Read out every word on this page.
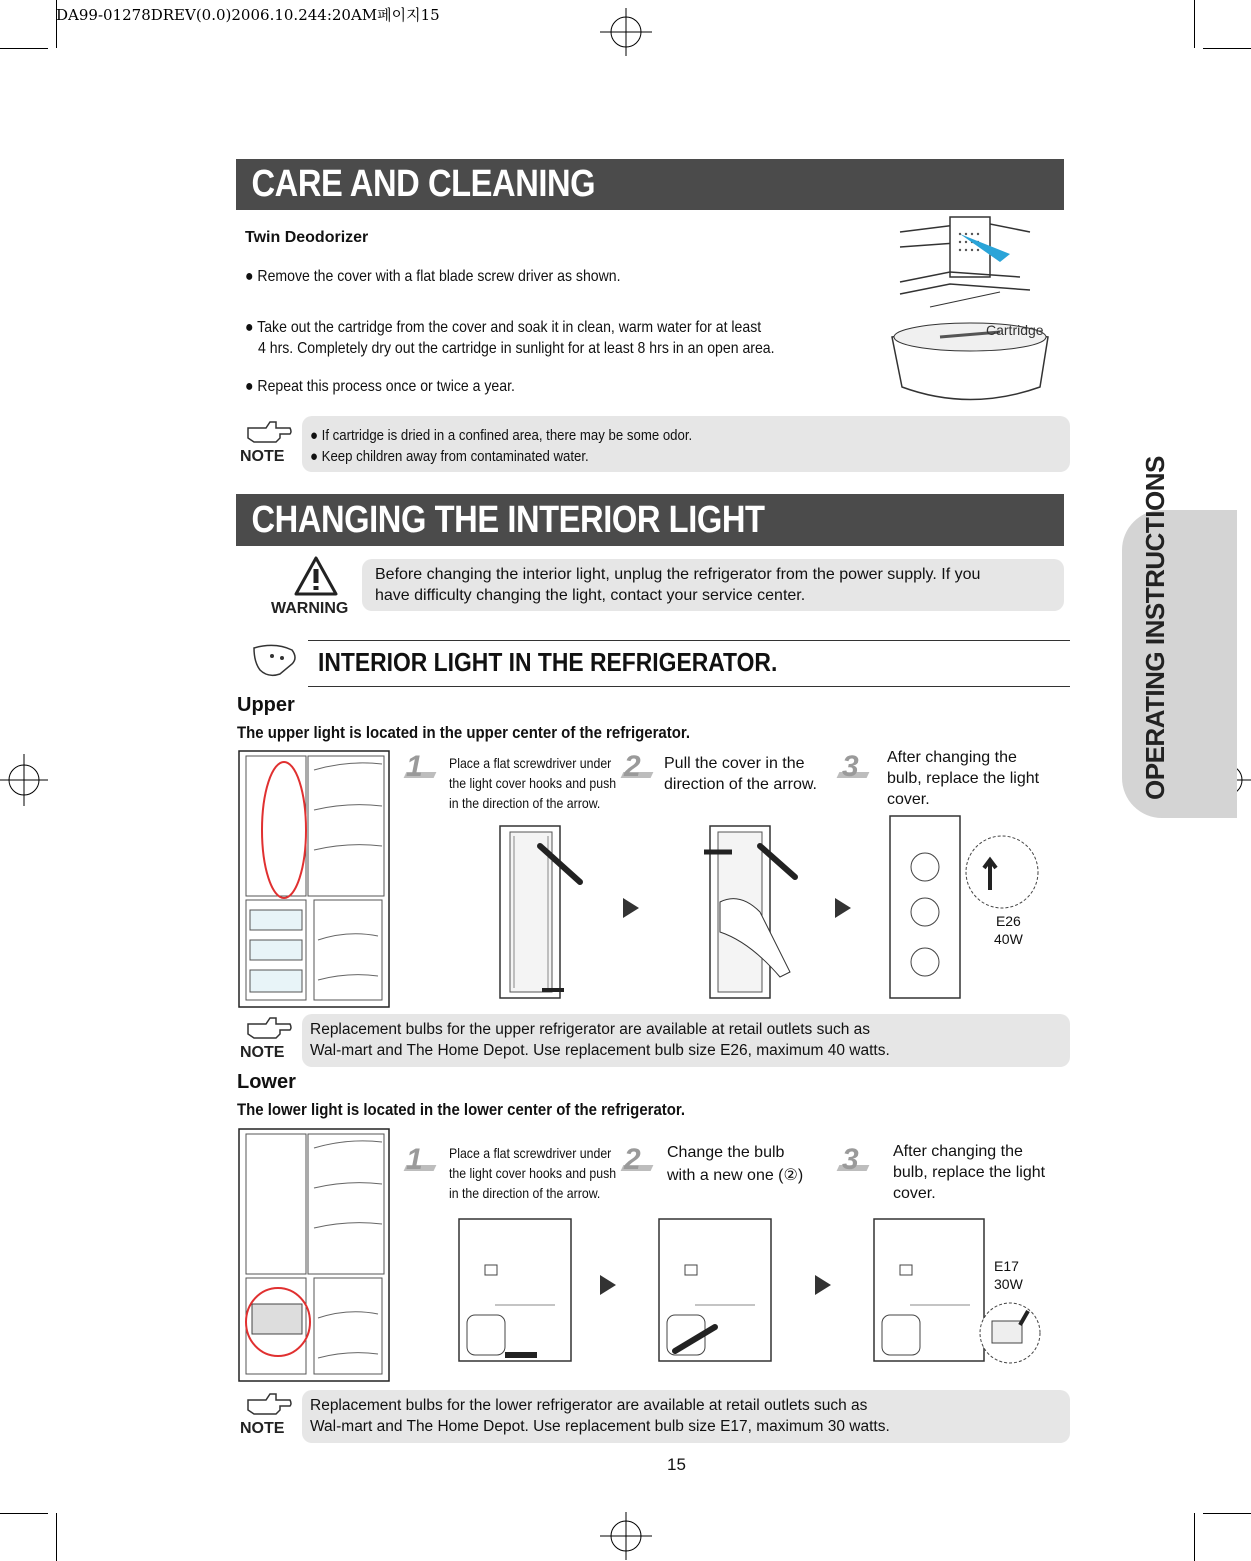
DA99-01278DREV(0.0)2006.10.244:20AM페이지15
OPERATING INSTRUCTIONS
CARE AND CLEANING
Twin Deodorizer
● Remove the cover with a flat blade screw driver as shown.
● Take out the cartridge from the cover and soak it in clean, warm water for at least
4 hrs. Completely dry out the cartridge in sunlight for at least 8 hrs in an open area.
● Repeat this process once or twice a year.
Cartridge
NOTE
● If cartridge is dried in a confined area, there may be some odor.
● Keep children away from contaminated water.
CHANGING THE INTERIOR LIGHT
WARNING
Before changing the interior light, unplug the refrigerator from the power supply. If you
have difficulty changing the light, contact your service center.
INTERIOR LIGHT IN THE REFRIGERATOR.
Upper
The upper light is located in the upper center of the refrigerator.
1 Place a flat screwdriver under
the light cover hooks and push
in the direction of the arrow.
2 Pull the cover in the
direction of the arrow.
3 After changing the
bulb, replace the light
cover.
E26
40W
NOTE
Replacement bulbs for the upper refrigerator are available at retail outlets such as
Wal-mart and The Home Depot. Use replacement bulb size E26, maximum 40 watts.
Lower
The lower light is located in the lower center of the refrigerator.
1 Place a flat screwdriver under
the light cover hooks and push
in the direction of the arrow.
2 Change the bulb
with a new one (②) 3 After changing the
bulb, replace the light
cover.
E17
30W
NOTE
Replacement bulbs for the lower refrigerator are available at retail outlets such as
Wal-mart and The Home Depot. Use replacement bulb size E17, maximum 30 watts.
15
